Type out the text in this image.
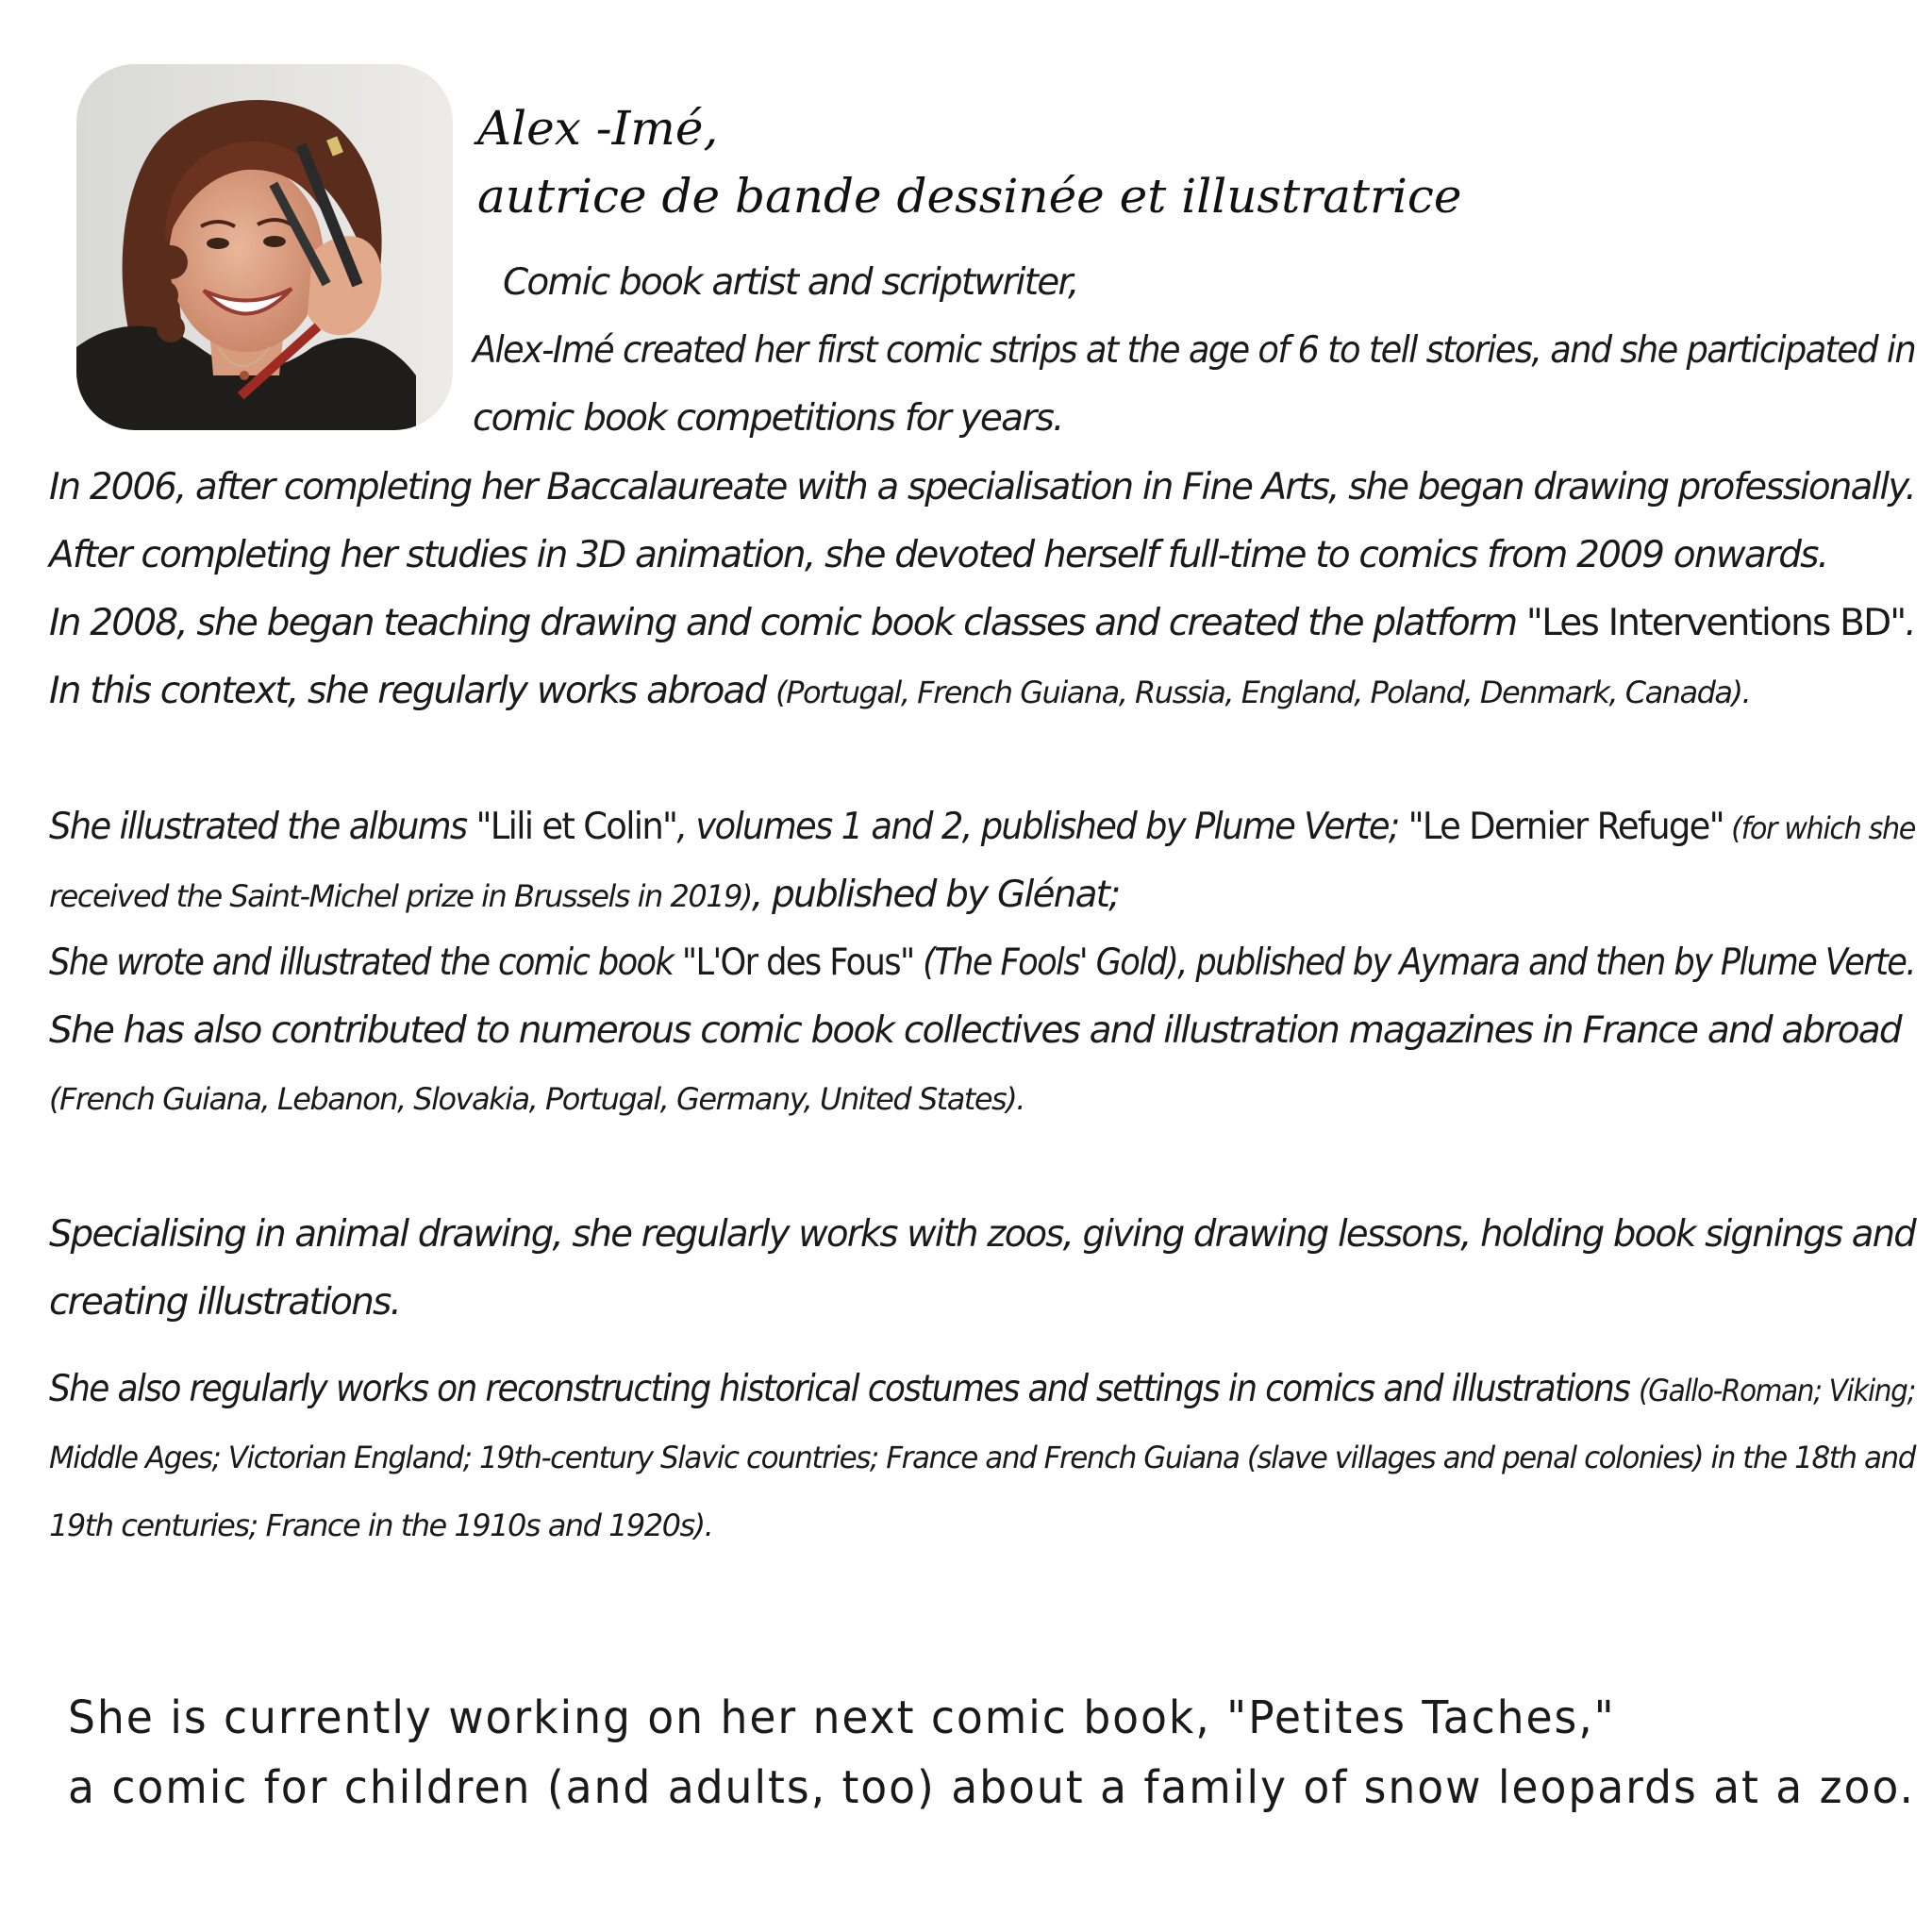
Alex -Imé,
autrice de bande dessinée et illustratrice
Comic book artist and scriptwriter,
Alex-Imé created her first comic strips at the age of 6 to tell stories, and she participated in
comic book competitions for years.
In 2006, after completing her Baccalaureate with a specialisation in Fine Arts, she began drawing professionally.
After completing her studies in 3D animation, she devoted herself full-time to comics from 2009 onwards.
In 2008, she began teaching drawing and comic book classes and created the platform "Les Interventions BD".
In this context, she regularly works abroad (Portugal, French Guiana, Russia, England, Poland, Denmark, Canada).
She illustrated the albums "Lili et Colin", volumes 1 and 2, published by Plume Verte; "Le Dernier Refuge" (for which she
received the Saint-Michel prize in Brussels in 2019), published by Glénat;
She wrote and illustrated the comic book "L'Or des Fous" (The Fools' Gold), published by Aymara and then by Plume Verte.
She has also contributed to numerous comic book collectives and illustration magazines in France and abroad
(French Guiana, Lebanon, Slovakia, Portugal, Germany, United States).
Specialising in animal drawing, she regularly works with zoos, giving drawing lessons, holding book signings and
creating illustrations.
She also regularly works on reconstructing historical costumes and settings in comics and illustrations (Gallo-Roman; Viking;
Middle Ages; Victorian England; 19th-century Slavic countries; France and French Guiana (slave villages and penal colonies) in the 18th and
19th centuries; France in the 1910s and 1920s).
She is currently working on her next comic book, "Petites Taches,"
a comic for children (and adults, too) about a family of snow leopards at a zoo.
